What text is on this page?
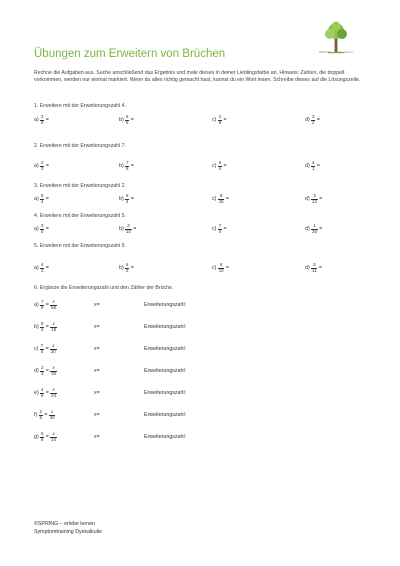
SPRING · erlebe lernen
Übungen zum Erweitern von Brüchen
Rechne die Aufgaben aus. Suche anschließend das Ergebnis und male dieses in deiner Lieblingsfarbe an. Hinweis: Zahlen, die doppelt vorkommen, werden nur einmal markiert. Wenn du alles richtig gemacht hast, kannst du ein Wort lesen. Schreibe dieses auf die Lösungszeile.
1. Erweitere mit der Erweiterungszahl 4.
$a) \frac{3}{8}$ =	$b) \frac{5}{6}$ =	$c) \frac{2}{9}$ =	$d) \frac{3}{2}$ =
2. Erweitere mit der Erweiterungszahl 7.
$a) \frac{2}{3}$ =	$b) \frac{7}{8}$ =	$c) \frac{6}{4}$ =	$d) \frac{4}{1}$ =
3. Erweitere mit der Erweiterungszahl 2.
$a) \frac{5}{4}$ =	$b) \frac{6}{4}$ =	$c) \frac{8}{15}$ =	$d) \frac{3}{12}$ =
4. Erweitere mit der Erweiterungszahl 5.
$a) \frac{3}{5}$ =	$b) \frac{3}{10}$ =	$c) \frac{7}{4}$ =	$d) \frac{1}{25}$ =
5. Erweitere mit der Erweiterungszahl 9.
$a) \frac{4}{2}$ =	$b) \frac{6}{2}$ =	$c) \frac{8}{10}$ =	$d) \frac{3}{11}$ =
6. Ergänze die Erweiterungszahl und den Zähler der Brüche.
$a) \frac{7}{8} = \frac{x}{56}$	x=	Erweiterungszahl:
$b) \frac{8}{2} = \frac{x}{18}$	x=	Erweiterungszahl:
$c) \frac{7}{5} = \frac{x}{20}$	x=	Erweiterungszahl:
$d) \frac{2}{3} = \frac{x}{30}$	x=	Erweiterungszahl:
$e) \frac{4}{6} = \frac{x}{24}$	x=	Erweiterungszahl:
$f) \frac{2}{5} = \frac{x}{40}$	x=	Erweiterungszahl:
$g) \frac{6}{8} = \frac{x}{24}$	x=	Erweiterungszahl:
©SPRING – erlebe lernen
Symptomtraining Dyskalkulie
